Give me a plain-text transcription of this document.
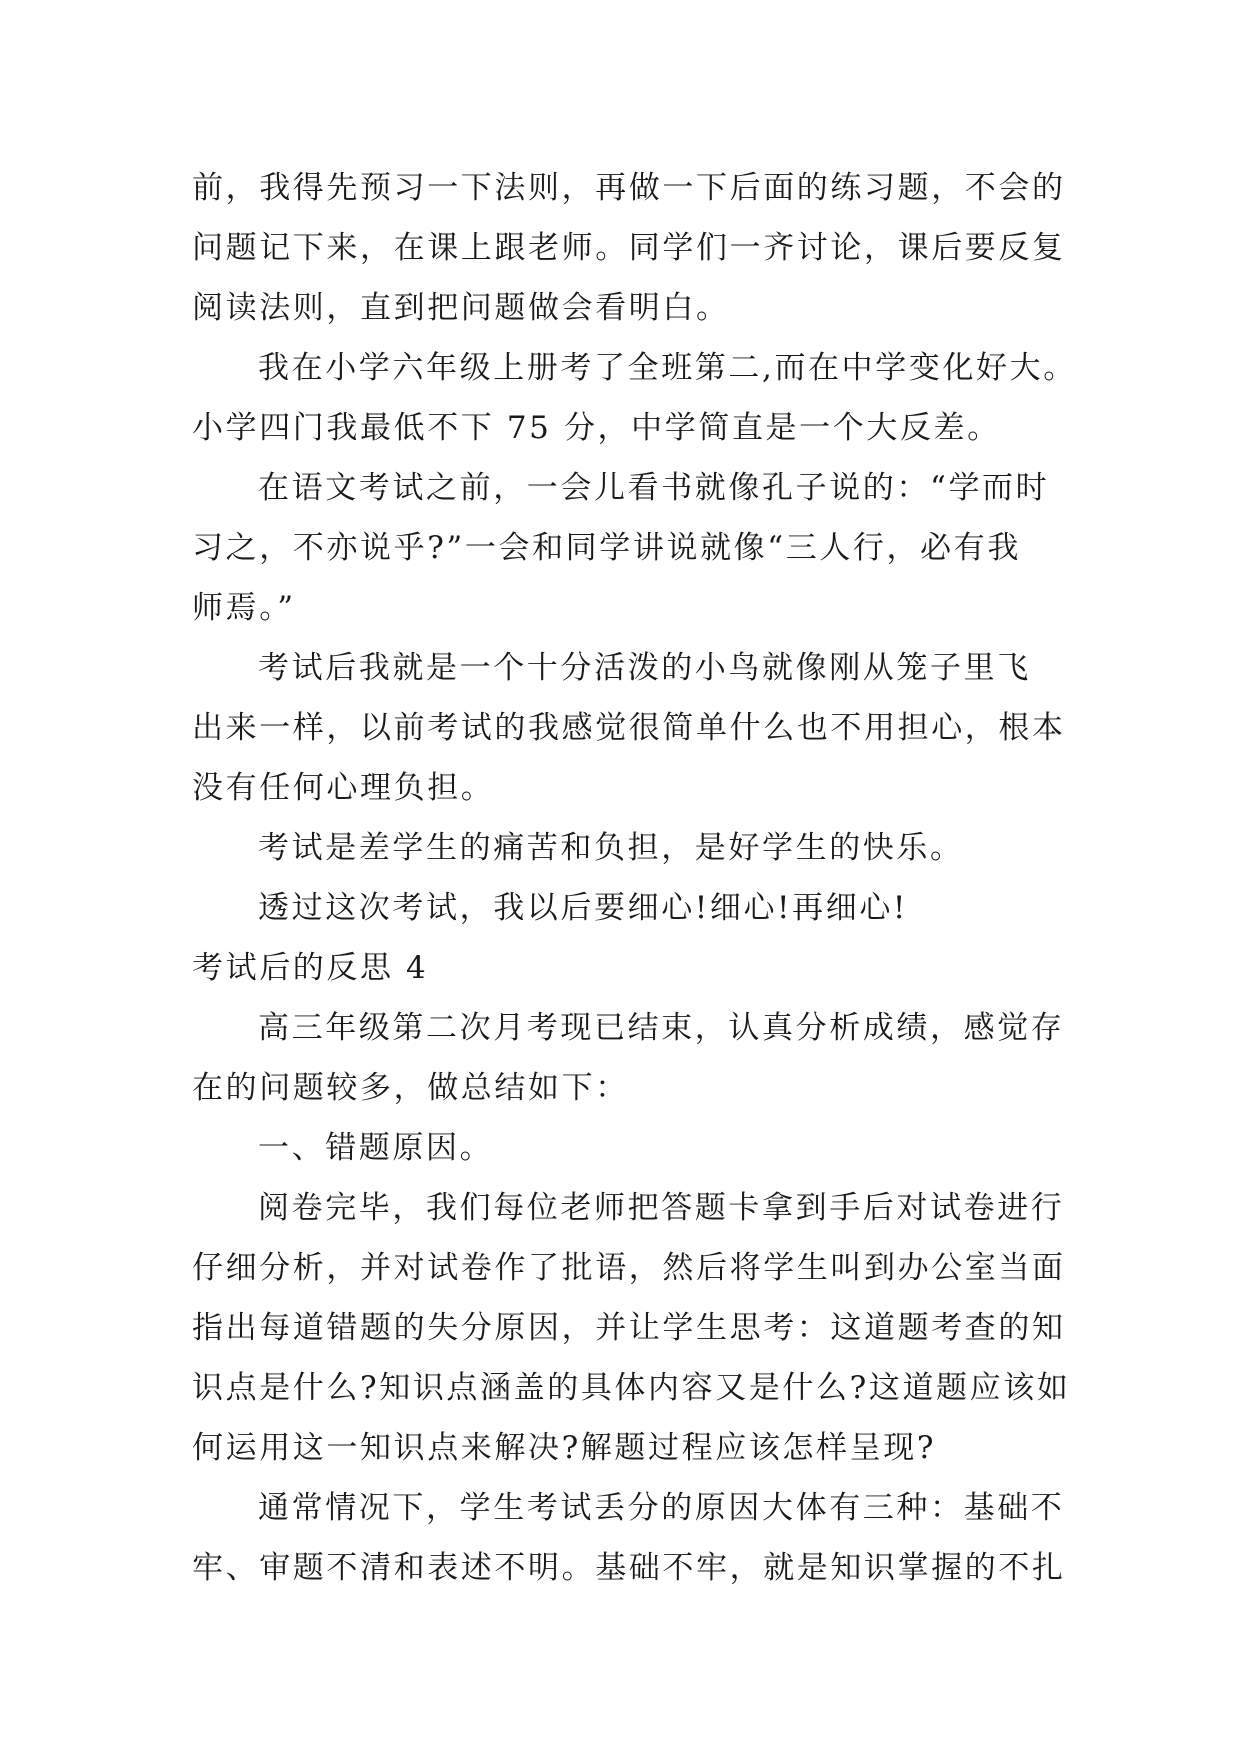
前，我得先预习一下法则，再做一下后面的练习题，不会的
问题记下来，在课上跟老师。同学们一齐讨论，课后要反复
阅读法则，直到把问题做会看明白。
我在小学六年级上册考了全班第二,而在中学变化好大。
小学四门我最低不下 75 分，中学简直是一个大反差。
在语文考试之前，一会儿看书就像孔子说的：“学而时
习之，不亦说乎?”一会和同学讲说就像“三人行，必有我
师焉。”
考试后我就是一个十分活泼的小鸟就像刚从笼子里飞
出来一样，以前考试的我感觉很简单什么也不用担心，根本
没有任何心理负担。
考试是差学生的痛苦和负担，是好学生的快乐。
透过这次考试，我以后要细心!细心!再细心!
考试后的反思 4
高三年级第二次月考现已结束，认真分析成绩，感觉存
在的问题较多，做总结如下：
一、错题原因。
阅卷完毕，我们每位老师把答题卡拿到手后对试卷进行
仔细分析，并对试卷作了批语，然后将学生叫到办公室当面
指出每道错题的失分原因，并让学生思考：这道题考查的知
识点是什么?知识点涵盖的具体内容又是什么?这道题应该如
何运用这一知识点来解决?解题过程应该怎样呈现?
通常情况下，学生考试丢分的原因大体有三种：基础不
牢、审题不清和表述不明。基础不牢，就是知识掌握的不扎
